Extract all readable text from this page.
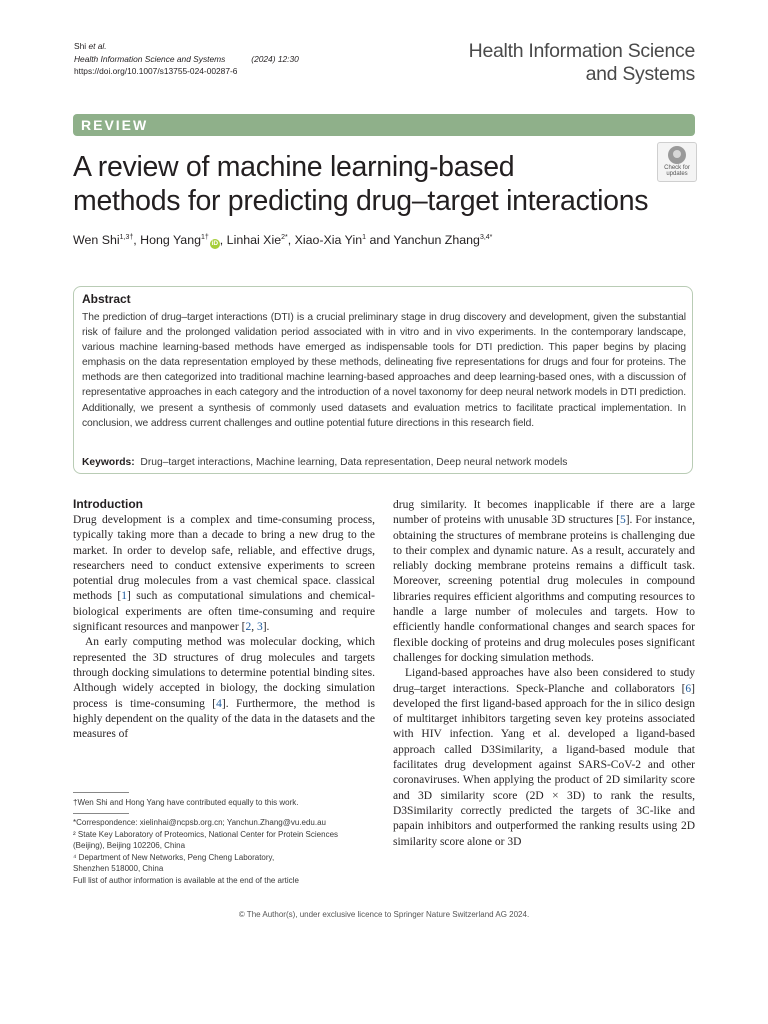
Shi et al.
Health Information Science and Systems	(2024) 12:30
https://doi.org/10.1007/s13755-024-00287-6
Health Information Science
and Systems
REVIEW
A review of machine learning-based
methods for predicting drug–target interactions
Check for
updates
Wen Shi$^{1,3\dagger}$, Hong Yang$^{1\dagger}$iD , Linhai Xie$^{2*}$, Xiao-Xia Yin$^1$ and Yanchun Zhang$^{3,4*}$
Abstract
The prediction of drug–target interactions (DTI) is a crucial preliminary stage in drug discovery and development, given the substantial risk of failure and the prolonged validation period associated with in vitro and in vivo experiments. In the contemporary landscape, various machine learning-based methods have emerged as indispensable tools for DTI prediction. This paper begins by placing emphasis on the data representation employed by these methods, delineating five representations for drugs and four for proteins. The methods are then categorized into traditional machine learning-based approaches and deep learning-based ones, with a discussion of representative approaches in each category and the introduction of a novel taxonomy for deep neural network models in DTI prediction. Additionally, we present a synthesis of commonly used datasets and evaluation metrics to facilitate practical implementation. In conclusion, we address current challenges and outline potential future directions in this research field.
Keywords: Drug–target interactions, Machine learning, Data representation, Deep neural network models
Introduction

Drug development is a complex and time-consuming process, typically taking more than a decade to bring a new drug to the market. In order to develop safe, reliable, and effective drugs, researchers need to conduct extensive experiments to screen potential drug molecules from a vast chemical space. classical methods [1] such as computational simulations and chemical-biological experiments are often time-consuming and require significant resources and manpower [2, 3].

An early computing method was molecular docking, which represented the 3D structures of drug molecules and targets through docking simulations to determine potential binding sites. Although widely accepted in biology, the docking simulation process is time-consuming [4]. Furthermore, the method is highly dependent on the quality of the data in the datasets and the measures of

drug similarity. It becomes inapplicable if there are a large number of proteins with unusable 3D structures [5]. For instance, obtaining the structures of membrane proteins is challenging due to their complex and dynamic nature. As a result, accurately and reliably docking membrane proteins remains a difficult task. Moreover, screening potential drug molecules in compound libraries requires efficient algorithms and computing resources to handle a large number of molecules and targets. How to efficiently handle conformational changes and search spaces for flexible docking of proteins and drug molecules poses significant challenges for docking simulation methods.

Ligand-based approaches have also been considered to study drug–target interactions. Speck-Planche and collaborators [6] developed the first ligand-based approach for the in silico design of multitarget inhibitors targeting seven key proteins associated with HIV infection. Yang et al. developed a ligand-based approach called D3Similarity, a ligand-based module that facilitates drug development against SARS-CoV-2 and other coronaviruses. When applying the product of 2D similarity score and 3D similarity score (2D × 3D) to rank the results, D3Similarity correctly predicted the targets of 3C-like and papain inhibitors and outperformed the ranking results using 2D similarity score alone or 3D

†Wen Shi and Hong Yang have contributed equally to this work.
*Correspondence: xielinhai@ncpsb.org.cn; Yanchun.Zhang@vu.edu.au
² State Key Laboratory of Proteomics, National Center for Protein Sciences
(Beijing), Beijing 102206, China
⁴ Department of New Networks, Peng Cheng Laboratory,
Shenzhen 518000, China
Full list of author information is available at the end of the article
© The Author(s), under exclusive licence to Springer Nature Switzerland AG 2024.
